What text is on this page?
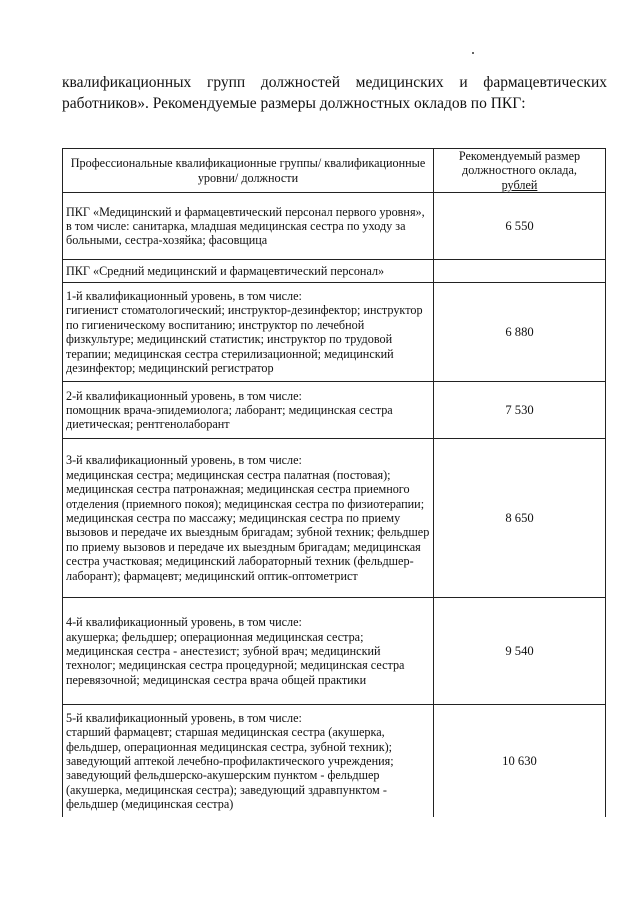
квалификационных групп должностей медицинских и фармацевтических
работников». Рекомендуемые размеры должностных окладов по ПКГ:
Профессиональные квалификационные группы/ квалификационные уровни/ должности	Рекомендуемый размер должностного оклада,
рублей

ПКГ «Медицинский и фармацевтический персонал первого уровня»,
в том числе: санитарка, младшая медицинская сестра по уходу за больными, сестра-хозяйка; фасовщица	6 550

ПКГ «Средний медицинский и фармацевтический персонал»	

1-й квалификационный уровень, в том числе:
гигиенист стоматологический; инструктор-дезинфектор; инструктор по гигиеническому воспитанию; инструктор по лечебной физкультуре; медицинский статистик; инструктор по трудовой терапии; медицинская сестра стерилизационной; медицинский дезинфектор; медицинский регистратор	6 880

2-й квалификационный уровень, в том числе:
помощник врача-эпидемиолога; лаборант; медицинская сестра диетическая; рентгенолаборант	7 530

3-й квалификационный уровень, в том числе:
медицинская сестра; медицинская сестра палатная (постовая); медицинская сестра патронажная; медицинская сестра приемного отделения (приемного покоя); медицинская сестра по физиотерапии; медицинская сестра по массажу; медицинская сестра по приему вызовов и передаче их выездным бригадам; зубной техник; фельдшер по приему вызовов и передаче их выездным бригадам; медицинская сестра участковая; медицинский лабораторный техник (фельдшер-лаборант); фармацевт; медицинский оптик-оптометрист	8 650

4-й квалификационный уровень, в том числе:
акушерка; фельдшер; операционная медицинская сестра; медицинская сестра - анестезист; зубной врач; медицинский технолог; медицинская сестра процедурной; медицинская сестра перевязочной; медицинская сестра врача общей практики	9 540

5-й квалификационный уровень, в том числе:
старший фармацевт; старшая медицинская сестра (акушерка, фельдшер, операционная медицинская сестра, зубной техник); заведующий аптекой лечебно-профилактического учреждения; заведующий фельдшерско-акушерским пунктом - фельдшер (акушерка, медицинская сестра); заведующий здравпунктом - фельдшер (медицинская сестра)	10 630
